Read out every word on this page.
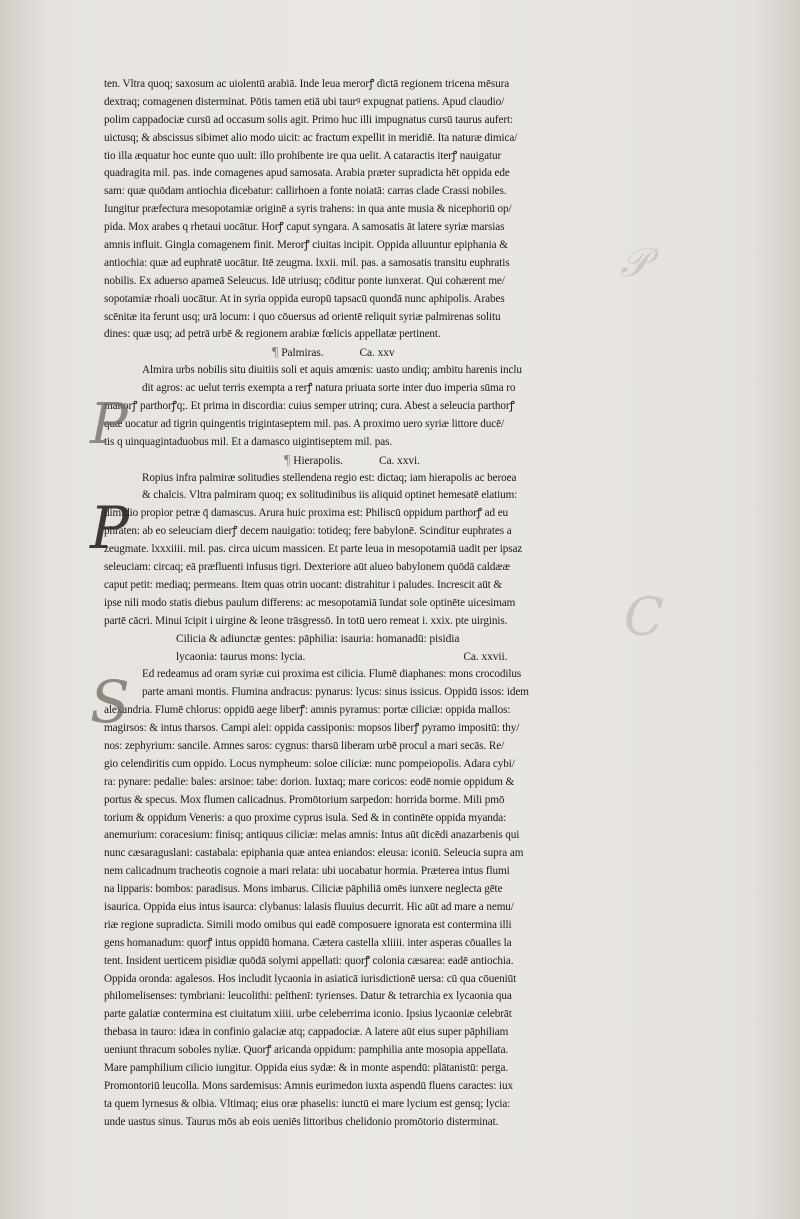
𝒫
C
ten. Vltra quoq; saxosum ac uiolentū arabiā. Inde leua merorꝭ dictā regionem tricena mēsura
dextraq; comagenen disterminat. Pōtis tamen etiā ubi taurꝰ expugnat patiens. Apud claudio/
polim cappadociæ cursū ad occasum solis agit. Primo huc illi impugnatus cursū taurus aufert:
uictusq; & abscissus sibimet alio modo uicit: ac fractum expellit in meridiē. Ita naturæ dimica/
tio illa æquatur hoc eunte quo uult: illo prohibente ire qua uelit. A cataractis iterꝭ nauigatur
quadragita mil. pas. inde comagenes apud samosata. Arabia præter supradicta hēt oppida ede
sam: quæ quōdam antiochia dicebatur: callirhoen a fonte noiatā: carras clade Crassi nobiles.
Iungitur præfectura mesopotamiæ originē a syris trahens: in qua ante musia & nicephoriū op/
pida. Mox arabes q rhetaui uocātur. Horꝭ caput syngara. A samosatis āt latere syriæ marsias
amnis influit. Gingla comagenem finit. Merorꝭ ciuitas incipit. Oppida alluuntur epiphania &
antiochia: quæ ad euphratē uocātur. Itē zeugma. lxxii. mil. pas. a samosatis transitu euphratis
nobilis. Ex aduerso apameā Seleucus. Idē utriusq; cōditur ponte iunxerat. Qui cohærent me/
sopotamiæ rhoali uocātur. At in syria oppida europū tapsacū quondā nunc aphipolis. Arabes
scēnitæ ita ferunt usq; urā locum: i quo cōuersus ad orientē reliquit syriæ palmirenas solitu
dines: quæ usq; ad petrā urbē & regionem arabiæ fœlicis appellatæ pertinent.
¶ Palmiras.	Ca. xxv
P
Almira urbs nobilis situ diuitiis soli et aquis amœnis: uasto undiq; ambitu harenis inclu
dit agros: ac uelut terris exempta a rerꝭ natura priuata sorte inter duo imperia sūma ro
manorꝭ parthorꝭq;. Et prima in discordia: cuius semper utrinq; cura. Abest a seleucia parthorꝭ
quæ uocatur ad tigrin quingentis trigintaseptem mil. pas. A proximo uero syriæ littore ducē/
tis q uinquagintaduobus mil. Et a damasco uigintiseptem mil. pas.
¶ Hierapolis.	Ca. xxvi.
P
Ropius infra palmiræ solitudies stellendena regio est: dictaq; iam hierapolis ac beroea
& chalcis. Vltra palmiram quoq; ex solitudinibus iis aliquid optinet hemesatē elatium:
dimidio propior petræ q̄ damascus. Arura huic proxima est: Philiscū oppidum parthorꝭ ad eu
phraten: ab eo seleuciam dierꝭ decem nauigatio: totideq; fere babylonē. Scinditur euphrates a
zeugmate. lxxxiiii. mil. pas. circa uicum massicen. Et parte leua in mesopotamiā uadit per ipsaz
seleuciam: circaq; eā præfluenti infusus tigri. Dexteriore aūt alueo babylonem quōdā caldææ
caput petit: mediaq; permeans. Item quas otrin uocant: distrahitur i paludes. Increscit aūt &
ipse nili modo statis diebus paulum differens: ac mesopotamiā īundat sole optinēte uicesimam
partē cācri. Minui īcipit i uirgine & leone trāsgressō. In totū uero remeat i. xxix. pte uirginis.
Cilicia & adiunctæ gentes: pāphilia: isauria: homanadū: pisidia
lycaonia: taurus mons: lycia.	Ca. xxvii.
S	Ed redeamus ad oram syriæ cui proxima est cilicia. Flumē diaphanes: mons crocodilus
parte amani montis. Flumina andracus: pynarus: lycus: sinus issicus. Oppidū issos: idem
alexandria. Flumē chlorus: oppidū aege liberꝭ: amnis pyramus: portæ ciliciæ: oppida mallos:
magirsos: & intus tharsos. Campi alei: oppida cassiponis: mopsos liberꝭ pyramo impositū: thy/
nos: zephyrium: sancile. Amnes saros: cygnus: tharsū liberam urbē procul a mari secās. Re/
gio celendiritis cum oppido. Locus nympheum: soloe ciliciæ: nunc pompeiopolis. Adara cybi/
ra: pynare: pedalie: bales: arsinoe: tabe: dorion. Iuxtaq; mare coricos: eodē nomie oppidum &
portus & specus. Mox flumen calicadnus. Promōtorium sarpedon: horrida borme. Mili pmō
torium & oppidum Veneris: a quo proxime cyprus isula. Sed & in continēte oppida myanda:
anemurium: coracesium: finisq; antiquus ciliciæ: melas amnis: Intus aūt dicēdi anazarbenis qui
nunc cæsaraguslani: castabala: epiphania quæ antea eniandos: eleusa: iconiū. Seleucia supra am
nem calicadnum tracheotis cognoie a mari relata: ubi uocabatur hormia. Præterea intus flumi
na lipparis: bombos: paradisus. Mons imbarus. Ciliciæ pāphiliā omēs iunxere neglecta gēte
isaurica. Oppida eius intus isaurca: clybanus: lalasis fluuius decurrit. Hic aūt ad mare a nemu/
riæ regione supradicta. Simili modo omibus qui eadē composuere ignorata est contermina illi
gens homanadum: quorꝭ intus oppidū homana. Cætera castella xliiii. inter asperas cōualles la
tent. Insident uerticem pisidiæ quōdā solymi appellati: quorꝭ colonia cæsarea: eadē antiochia.
Oppida oronda: agalesos. Hos includit lycaonia in asiaticā iurisdictionē uersa: cū qua cōueniūt
philomelisenses: tymbriani: leucolithi: pelthenī: tyrienses. Datur & tetrarchia ex lycaonia qua
parte galatiæ contermina est ciuitatum xiiii. urbe celeberrima iconio. Ipsius lycaoniæ celebrāt
thebasa in tauro: idæa in confinio galaciæ atq; cappadociæ. A latere aūt eius super pāphiliam
ueniunt thracum soboles nyliæ. Quorꝭ aricanda oppidum: pamphilia ante mosopia appellata.
Mare pamphilium cilicio iungitur. Oppida eius sydæ: & in monte aspendū: plātanistū: perga.
Promontoriū leucolla. Mons sardemisus: Amnis eurimedon iuxta aspendū fluens caractes: iux
ta quem lyrnesus & olbia. Vltimaq; eius oræ phaselis: iunctū ei mare lycium est gensq; lycia:
unde uastus sinus. Taurus mōs ab eois ueniēs littoribus chelidonio promōtorio disterminat.
